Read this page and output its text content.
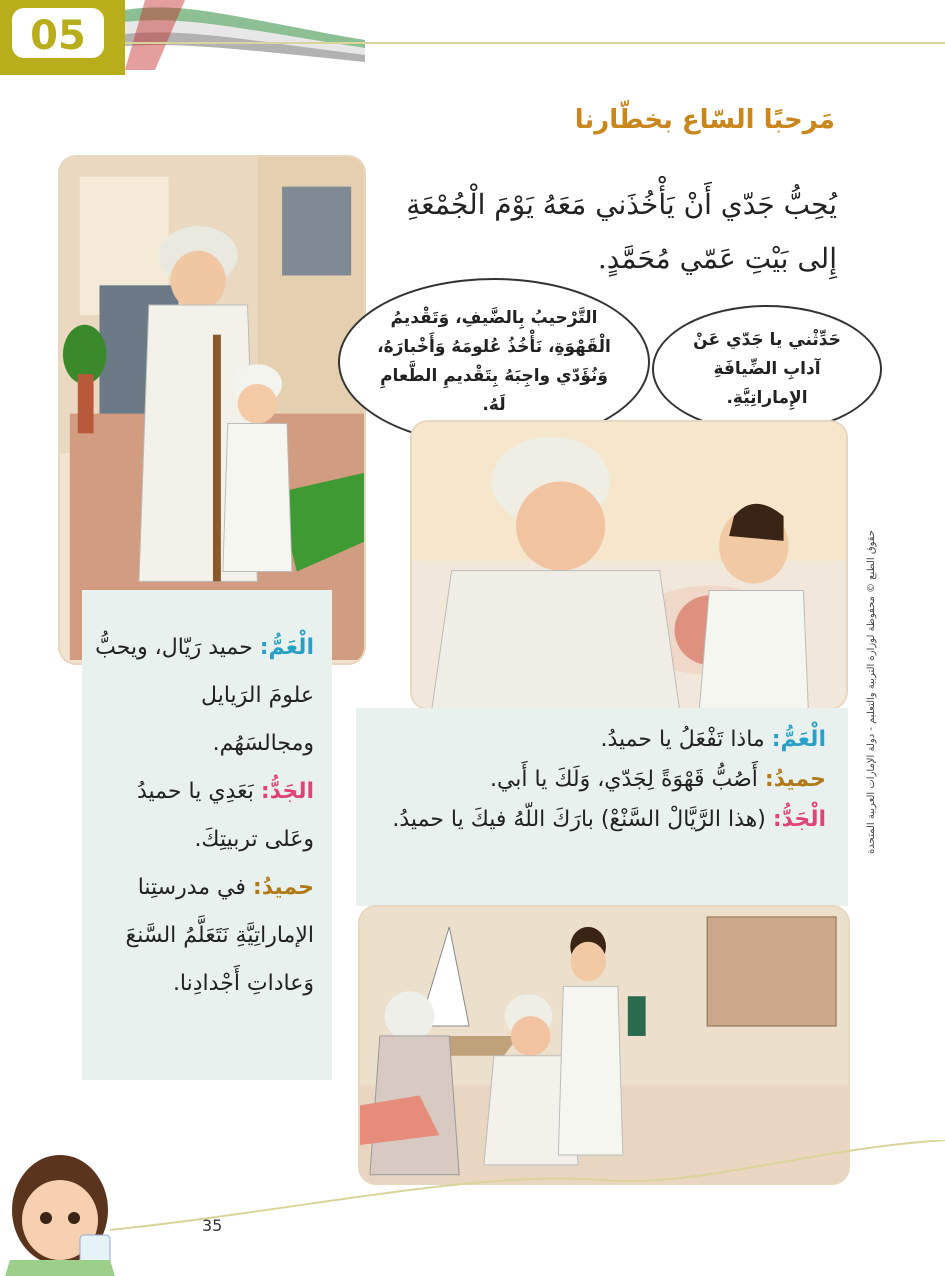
05
مَرحبًا السّاع بخطّارنا
يُحِبُّ جَدّي أَنْ يَأْخُذَني مَعَهُ يَوْمَ الْجُمْعَةِ إِلى بَيْتِ عَمّي مُحَمَّدٍ.
الْعَمُّ: حميد رَيّال، ويحبُّ علومَ الرَيايل ومجالسَهُم.
الجَدُّ: بَعَدِي يا حميدُ وعَلى تربيتِكَ.
حميدُ: في مدرستِنا الإماراتِيَّةِ نَتَعَلَّمُ السَّنعَ وَعاداتِ أَجْدادِنا.
التَّرْحيبُ بِالضَّيفِ، وَتَقْديمُ الْقَهْوَةِ، نَأْخُذُ عُلومَهُ وَأَخْبارَهُ، وَنُؤَدّي واجِبَهُ بِتَقْديمِ الطَّعامِ لَهُ.
حَدِّثْني يا جَدّي عَنْ آدابِ الضِّيافَةِ الإِماراتِيَّةِ.
الْعَمُّ: ماذا تَفْعَلُ يا حميدُ.
حميدُ: أَصُبُّ قَهْوَةً لِجَدّي، وَلَكَ يا أَبي.
الْجَدُّ: (هذا الرَّيَّالْ السَّنْعْ) بارَكَ اللّهُ فيكَ يا حميدُ.	حقوق الطبع © محفوظة لوزارة التربية والتعليم - دولة الإمارات العربية المتحدة
35
